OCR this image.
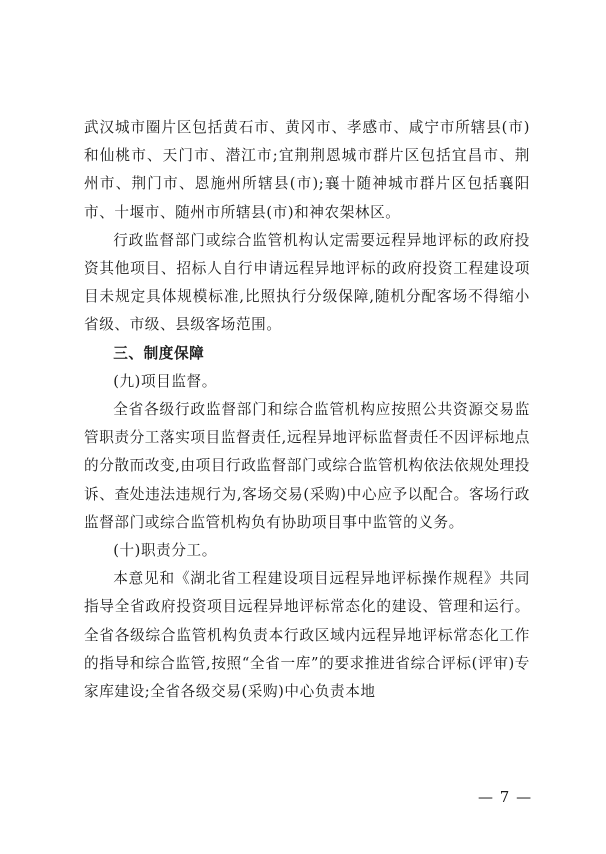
武汉城市圈片区包括黄石市、黄冈市、孝感市、咸宁市所辖县(市)和仙桃市、天门市、潜江市;宜荆荆恩城市群片区包括宜昌市、荆州市、荆门市、恩施州所辖县(市);襄十随神城市群片区包括襄阳市、十堰市、随州市所辖县(市)和神农架林区。

行政监督部门或综合监管机构认定需要远程异地评标的政府投资其他项目、招标人自行申请远程异地评标的政府投资工程建设项目未规定具体规模标准,比照执行分级保障,随机分配客场不得缩小省级、市级、县级客场范围。

三、制度保障

(九)项目监督。

全省各级行政监督部门和综合监管机构应按照公共资源交易监管职责分工落实项目监督责任,远程异地评标监督责任不因评标地点的分散而改变,由项目行政监督部门或综合监管机构依法依规处理投诉、查处违法违规行为,客场交易(采购)中心应予以配合。客场行政监督部门或综合监管机构负有协助项目事中监管的义务。

(十)职责分工。

本意见和《湖北省工程建设项目远程异地评标操作规程》共同指导全省政府投资项目远程异地评标常态化的建设、管理和运行。全省各级综合监管机构负责本行政区域内远程异地评标常态化工作的指导和综合监管,按照“全省一库”的要求推进省综合评标(评审)专家库建设;全省各级交易(采购)中心负责本地

— 7 —
